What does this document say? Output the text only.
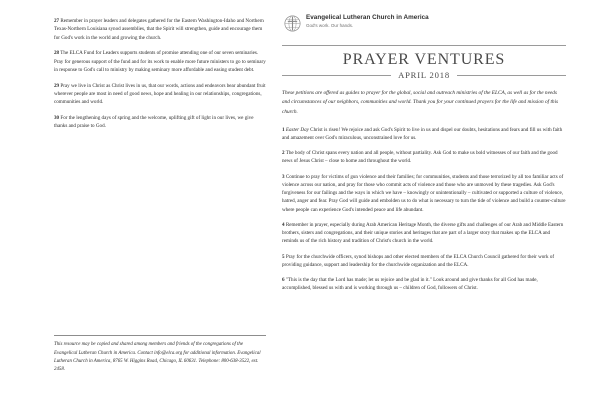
27 Remember in prayer leaders and delegates gathered for the Eastern Washington-Idaho and Northern Texas-Northern Louisiana synod assemblies, that the Spirit will strengthen, guide and encourage them for God's work in the world and growing the church.
28 The ELCA Fund for Leaders supports students of promise attending one of our seven seminaries. Pray for generous support of the fund and for its work to enable more future ministers to go to seminary in response to God's call to ministry by making seminary more affordable and easing student debt.
29 Pray we live in Christ as Christ lives in us, that our words, actions and endeavors bear abundant fruit wherever people are most in need of good news, hope and healing in our relationships, congregations, communities and world.
30 For the lengthening days of spring and the welcome, uplifting gift of light in our lives, we give thanks and praise to God.
This resource may be copied and shared among members and friends of the congregations of the Evangelical Lutheran Church in America. Contact info@elca.org for additional information. Evangelical Lutheran Church in America, 8765 W. Higgins Road, Chicago, IL 60631. Telephone: 800-638-3522, ext. 2458.
Evangelical Lutheran Church in America
God's work. Our hands.
PRAYER VENTURES
APRIL 2018
These petitions are offered as guides to prayer for the global, social and outreach ministries of the ELCA, as well as for the needs and circumstances of our neighbors, communities and world. Thank you for your continued prayers for the life and mission of this church.
1 Easter Day Christ is risen! We rejoice and ask God's Spirit to live in us and dispel our doubts, hesitations and fears and fill us with faith and amazement over God's miraculous, unconstrained love for us.
2 The body of Christ spans every nation and all people, without partiality. Ask God to make us bold witnesses of our faith and the good news of Jesus Christ – close to home and throughout the world.
3 Continue to pray for victims of gun violence and their families; for communities, students and those terrorized by all too familiar acts of violence across our nation, and pray for those who commit acts of violence and those who are unmoved by these tragedies. Ask God's forgiveness for our failings and the ways in which we have – knowingly or unintentionally – cultivated or supported a culture of violence, hatred, anger and fear. Pray God will guide and embolden us to do what is necessary to turn the tide of violence and build a counter-culture where people can experience God's intended peace and life abundant.
4 Remember in prayer, especially during Arab American Heritage Month, the diverse gifts and challenges of our Arab and Middle Eastern brothers, sisters and congregations, and their unique stories and heritages that are part of a larger story that makes up the ELCA and reminds us of the rich history and tradition of Christ's church in the world.
5 Pray for the churchwide officers, synod bishops and other elected members of the ELCA Church Council gathered for their work of providing guidance, support and leadership for the churchwide organization and the ELCA.
6 "This is the day that the Lord has made; let us rejoice and be glad in it." Look around and give thanks for all God has made, accomplished, blessed us with and is working through us – children of God, followers of Christ.
